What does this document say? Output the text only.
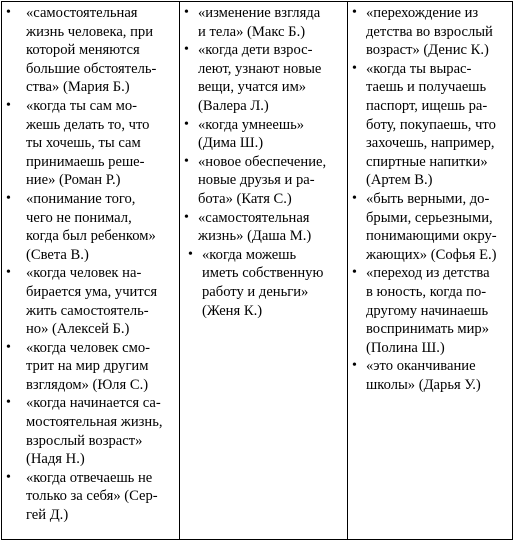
• «самостоятельная
жизнь человека, при
которой меняются
большие обстоятель-
ства» (Мария Б.)
• «когда ты сам мо-
жешь делать то, что
ты хочешь, ты сам
принимаешь реше-
ние» (Роман Р.)
• «понимание того,
чего не понимал,
когда был ребенком»
(Света В.)
• «когда человек на-
бирается ума, учится
жить самостоятель-
но» (Алексей Б.)
• «когда человек смо-
трит на мир другим
взглядом» (Юля С.)
• «когда начинается са-
мостоятельная жизнь,
взрослый возраст»
(Надя Н.)
• «когда отвечаешь не
только за себя» (Сер-
гей Д.)
• «изменение взгляда
и тела» (Макс Б.)
• «когда дети взрос-
леют, узнают новые
вещи, учатся им»
(Валера Л.)
• «когда умнеешь»
(Дима Ш.)
• «новое обеспечение,
новые друзья и ра-
бота» (Катя С.)
• «самостоятельная
жизнь» (Даша М.)
• «когда можешь
иметь собственную
работу и деньги»
(Женя К.)
• «перехождение из
детства во взрослый
возраст» (Денис К.)
• «когда ты вырас-
таешь и получаешь
паспорт, ищешь ра-
боту, покупаешь, что
захочешь, например,
спиртные напитки»
(Артем В.)
• «быть верными, до-
брыми, серьезными,
понимающими окру-
жающих» (Софья Е.)
• «переход из детства
в юность, когда по-
другому начинаешь
воспринимать мир»
(Полина Ш.)
• «это оканчивание
школы» (Дарья У.)
